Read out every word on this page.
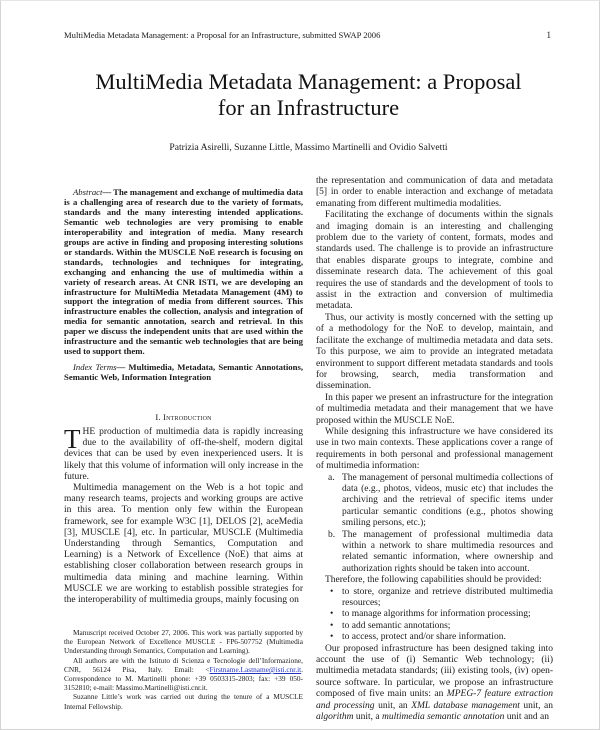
MultiMedia Metadata Management: a Proposal for an Infrastructure, submitted SWAP 2006	1
MultiMedia Metadata Management: a Proposal
for an Infrastructure
Patrizia Asirelli, Suzanne Little, Massimo Martinelli and Ovidio Salvetti

Abstract— The management and exchange of multimedia data is a challenging area of research due to the variety of formats, standards and the many interesting intended applications. Semantic web technologies are very promising to enable interoperability and integration of media. Many research groups are active in finding and proposing interesting solutions or standards. Within the MUSCLE NoE research is focusing on standards, technologies and techniques for integrating, exchanging and enhancing the use of multimedia within a variety of research areas. At CNR ISTI, we are developing an infrastructure for MultiMedia Metadata Management (4M) to support the integration of media from different sources. This infrastructure enables the collection, analysis and integration of media for semantic annotation, search and retrieval. In this paper we discuss the independent units that are used within the infrastructure and the semantic web technologies that are being used to support them.

Index Terms— Multimedia, Metadata, Semantic Annotations, Semantic Web, Information Integration

I. Introduction

THE production of multimedia data is rapidly increasing due to the availability of off-the-shelf, modern digital devices that can be used by even inexperienced users. It is likely that this volume of information will only increase in the future.

Multimedia management on the Web is a hot topic and many research teams, projects and working groups are active in this area. To mention only few within the European framework, see for example W3C [1], DELOS [2], aceMedia [3], MUSCLE [4], etc. In particular, MUSCLE (Multimedia Understanding through Semantics, Computation and Learning) is a Network of Excellence (NoE) that aims at establishing closer collaboration between research groups in multimedia data mining and machine learning. Within MUSCLE we are working to establish possible strategies for the interoperability of multimedia groups, mainly focusing on

Manuscript received October 27, 2006. This work was partially supported by the European Network of Excellence MUSCLE - FP6-507752 (Multimedia Understanding through Semantics, Computation and Learning).

All authors are with the Istituto di Scienza e Tecnologie dell’Informazione, CNR, 56124 Pisa, Italy. Email: <Firstname.Lastname@isti.cnr.it. Correspondence to M. Martinelli phone: +39 0503315-2803; fax: +39 050-3152810; e-mail: Massimo.Martinelli@isti.cnr.it.

Suzanne Little’s work was carried out during the tenure of a MUSCLE Internal Fellowship.

the representation and communication of data and metadata [5] in order to enable interaction and exchange of metadata emanating from different multimedia modalities.

Facilitating the exchange of documents within the signals and imaging domain is an interesting and challenging problem due to the variety of content, formats, modes and standards used. The challenge is to provide an infrastructure that enables disparate groups to integrate, combine and disseminate research data. The achievement of this goal requires the use of standards and the development of tools to assist in the extraction and conversion of multimedia metadata.

Thus, our activity is mostly concerned with the setting up of a methodology for the NoE to develop, maintain, and facilitate the exchange of multimedia metadata and data sets. To this purpose, we aim to provide an integrated metadata environment to support different metadata standards and tools for browsing, search, media transformation and dissemination.

In this paper we present an infrastructure for the integration of multimedia metadata and their management that we have proposed within the MUSCLE NoE.

While designing this infrastructure we have considered its use in two main contexts. These applications cover a range of requirements in both personal and professional management of multimedia information:

a. The management of personal multimedia collections of data (e.g., photos, videos, music etc) that includes the archiving and the retrieval of specific items under particular semantic conditions (e.g., photos showing smiling persons, etc.);
b. The management of professional multimedia data within a network to share multimedia resources and related semantic information, where ownership and authorization rights should be taken into account.

Therefore, the following capabilities should be provided:

• to store, organize and retrieve distributed multimedia resources;
• to manage algorithms for information processing;
• to add semantic annotations;
• to access, protect and/or share information.

Our proposed infrastructure has been designed taking into account the use of (i) Semantic Web technology; (ii) multimedia metadata standards; (iii) existing tools, (iv) open-source software. In particular, we propose an infrastructure composed of five main units: an MPEG-7 feature extraction and processing unit, an XML database management unit, an algorithm unit, a multimedia semantic annotation unit and an
